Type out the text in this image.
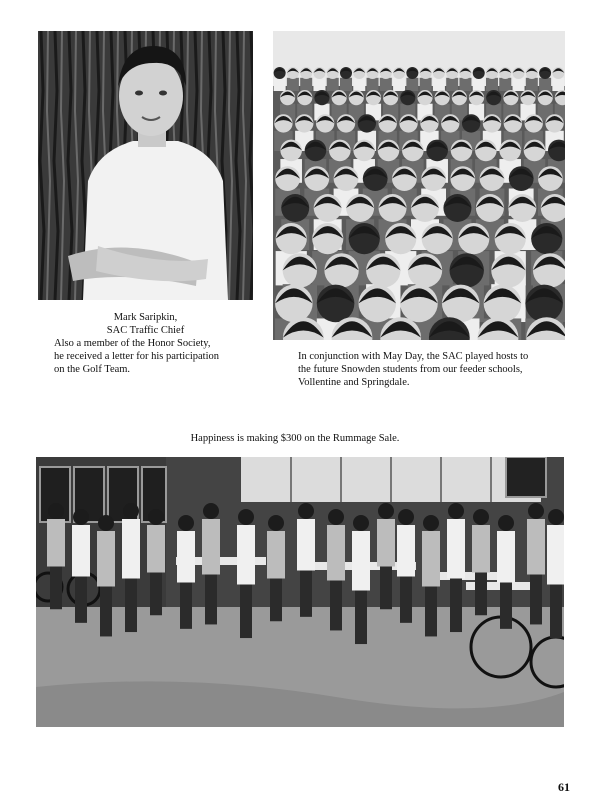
Mark Saripkin,
SAC Traffic Chief
Also a member of the Honor Society,
he received a letter for his participation
on the Golf Team.
In conjunction with May Day, the SAC played hosts to
the future Snowden students from our feeder schools,
Vollentine and Springdale.
Happiness is making $300 on the Rummage Sale.
61
